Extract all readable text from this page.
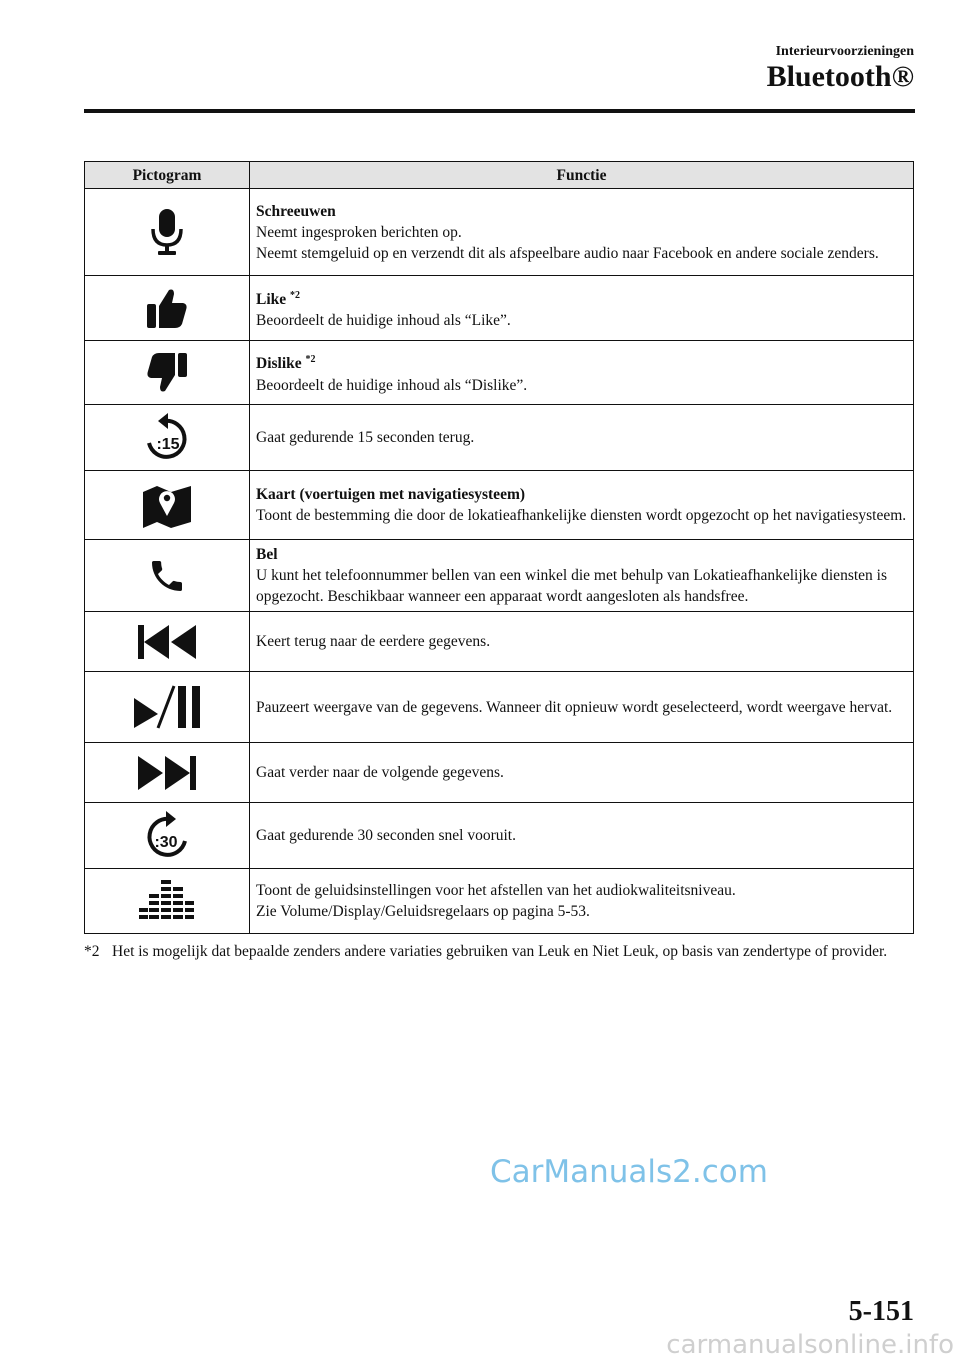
Interieurvoorzieningen
Bluetooth®
Pictogram	Functie

Schreeuwen
Neemt ingesproken berichten op.
Neemt stemgeluid op en verzendt dit als afspeelbare audio naar Facebook en andere sociale zenders.

Like $^{*2}$
Beoordeelt de huidige inhoud als “Like”.

Dislike $^{*2}$
Beoordeelt de huidige inhoud als “Dislike”.

:15	Gaat gedurende 15 seconden terug.

Kaart (voertuigen met navigatiesysteem)
Toont de bestemming die door de lokatieafhankelijke diensten wordt opgezocht op het navigatiesysteem.

Bel
U kunt het telefoonnummer bellen van een winkel die met behulp van Lokatieafhankelijke diensten is opgezocht. Beschikbaar wanneer een apparaat wordt aangesloten als handsfree.

Keert terug naar de eerdere gegevens.

Pauzeert weergave van de gegevens. Wanneer dit opnieuw wordt geselecteerd, wordt weergave hervat.

Gaat verder naar de volgende gegevens.

:30	Gaat gedurende 30 seconden snel vooruit.

Toont de geluidsinstellingen voor het afstellen van het audiokwaliteitsniveau.
Zie Volume/Display/Geluidsregelaars op pagina 5-53.
*2 Het is mogelijk dat bepaalde zenders andere variaties gebruiken van Leuk en Niet Leuk, op basis van zendertype of provider.
CarManuals2.com
5-151
carmanualsonline.info
